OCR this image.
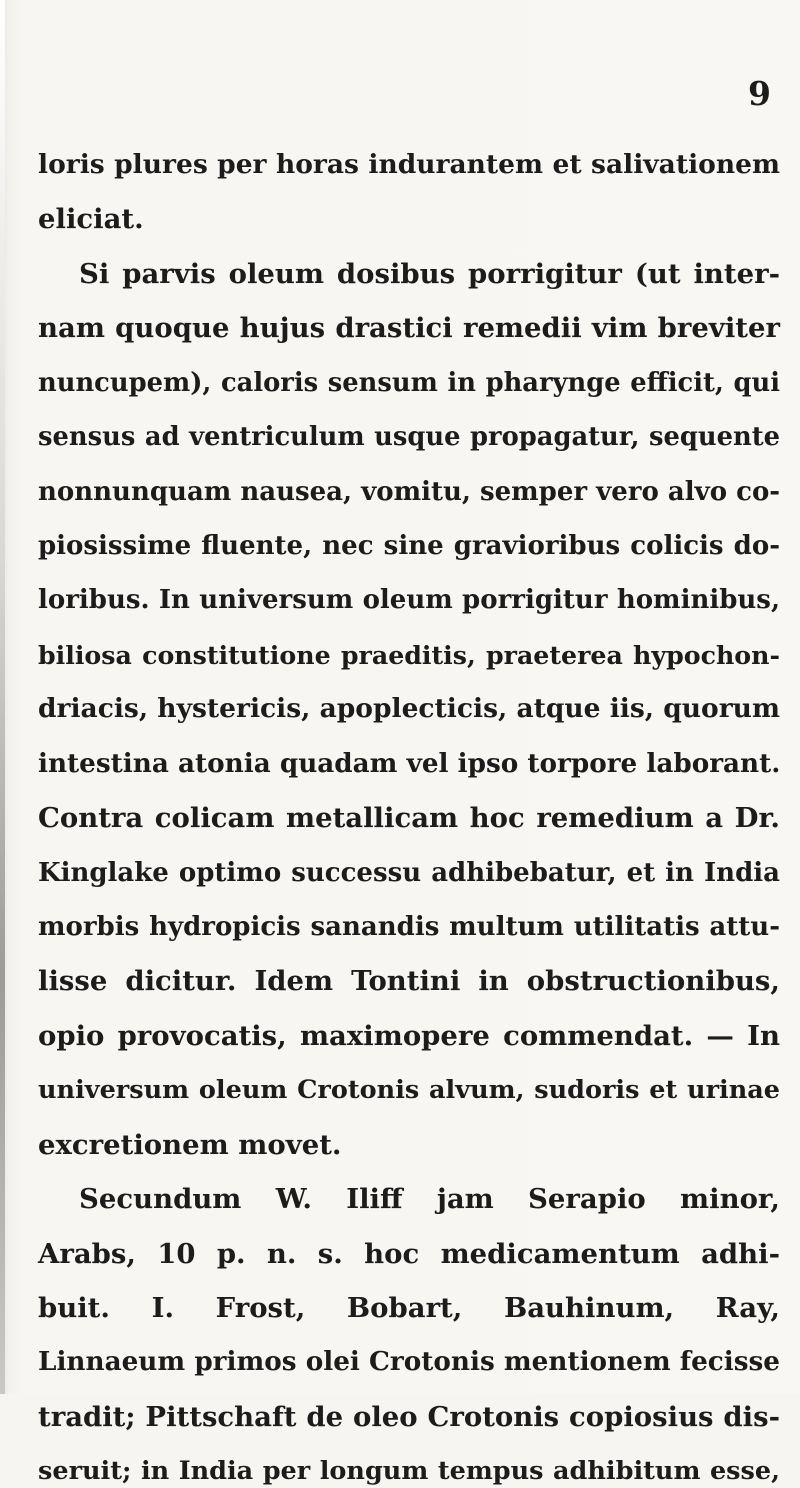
9
loris plures per horas indurantem et salivationem
eliciat.
Si parvis oleum dosibus porrigitur (ut inter-
nam quoque hujus drastici remedii vim breviter
nuncupem), caloris sensum in pharynge efficit, qui
sensus ad ventriculum usque propagatur, sequente
nonnunquam nausea, vomitu, semper vero alvo co-
piosissime fluente, nec sine gravioribus colicis do-
loribus. In universum oleum porrigitur hominibus,
biliosa constitutione praeditis, praeterea hypochon-
driacis, hystericis, apoplecticis, atque iis, quorum
intestina atonia quadam vel ipso torpore laborant.
Contra colicam metallicam hoc remedium a Dr.
Kinglake optimo successu adhibebatur, et in India
morbis hydropicis sanandis multum utilitatis attu-
lisse dicitur. Idem Tontini in obstructionibus,
opio provocatis, maximopere commendat. — In
universum oleum Crotonis alvum, sudoris et urinae
excretionem movet.
Secundum W. Iliff jam Serapio minor,
Arabs, 10 p. n. s. hoc medicamentum adhi-
buit. I. Frost, Bobart, Bauhinum, Ray,
Linnaeum primos olei Crotonis mentionem fecisse
tradit; Pittschaft de oleo Crotonis copiosius dis-
seruit; in India per longum tempus adhibitum esse,
